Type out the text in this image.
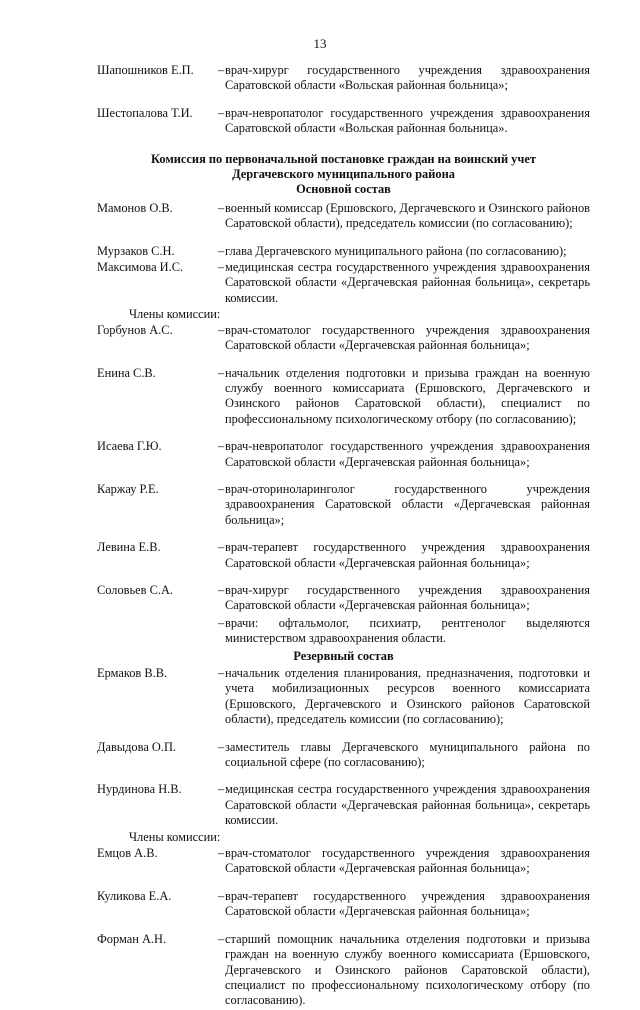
13
Шапошников Е.П.	– врач-хирург государственного учреждения здравоохранения Саратовской области «Вольская районная больница»;
Шестопалова Т.И.	– врач-невропатолог государственного учреждения здравоохранения Саратовской области «Вольская районная больница».

Комиссия по первоначальной постановке граждан на воинский учет

Дергачевского муниципального района

Основной состав

Мамонов О.В.	– военный комиссар (Ершовского, Дергачевского и Озинского районов Саратовской области), председатель комиссии (по согласованию);
Мурзаков С.Н.	– глава Дергачевского муниципального района (по согласованию);
Максимова И.С.	– медицинская сестра государственного учреждения здравоохранения Саратовской области «Дергачевская районная больница», секретарь комиссии.

Члены комиссии:

Горбунов А.С.	– врач-стоматолог государственного учреждения здравоохранения Саратовской области «Дергачевская районная больница»;
Енина С.В.	– начальник отделения подготовки и призыва граждан на военную службу военного комиссариата (Ершовского, Дергачевского и Озинского районов Саратовской области), специалист по профессиональному психологическому отбору (по согласованию);
Исаева Г.Ю.	– врач-невропатолог государственного учреждения здравоохранения Саратовской области «Дергачевская районная больница»;
Каржау Р.Е.	– врач-оториноларинголог государственного учреждения здравоохранения Саратовской области «Дергачевская районная больница»;
Левина Е.В.	– врач-терапевт государственного учреждения здравоохранения Саратовской области «Дергачевская районная больница»;
Соловьев С.А.	– врач-хирург государственного учреждения здравоохранения Саратовской области «Дергачевская районная больница»;
– врачи: офтальмолог, психиатр, рентгенолог выделяются министерством здравоохранения области.

Резервный состав

Ермаков В.В.	– начальник отделения планирования, предназначения, подготовки и учета мобилизационных ресурсов военного комиссариата (Ершовского, Дергачевского и Озинского районов Саратовской области), председатель комиссии (по согласованию);
Давыдова О.П.	– заместитель главы Дергачевского муниципального района по социальной сфере (по согласованию);
Нурдинова Н.В.	– медицинская сестра государственного учреждения здравоохранения Саратовской области «Дергачевская районная больница», секретарь комиссии.

Члены комиссии:

Емцов А.В.	– врач-стоматолог государственного учреждения здравоохранения Саратовской области «Дергачевская районная больница»;
Куликова Е.А.	– врач-терапевт государственного учреждения здравоохранения Саратовской области «Дергачевская районная больница»;
Форман А.Н.	– старший помощник начальника отделения подготовки и призыва граждан на военную службу военного комиссариата (Ершовского, Дергачевского и Озинского районов Саратовской области), специалист по профессиональному психологическому отбору (по согласованию).
